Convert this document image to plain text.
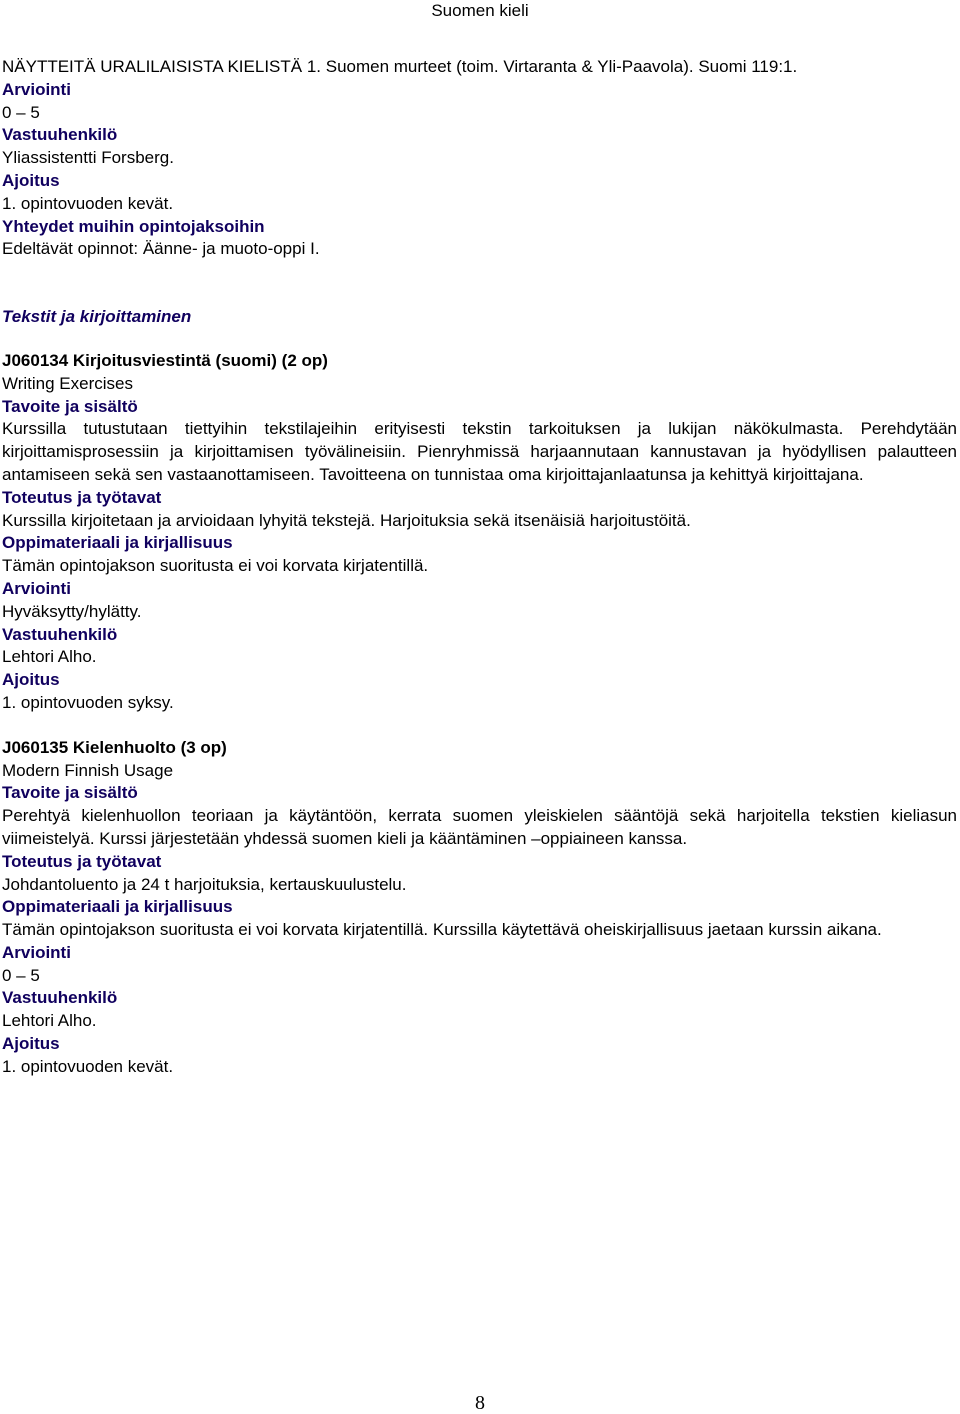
Suomen kieli

NÄYTTEITÄ URALILAISISTA KIELISTÄ 1. Suomen murteet (toim. Virtaranta & Yli-Paavola). Suomi 119:1.

Arviointi

0 – 5

Vastuuhenkilö

Yliassistentti Forsberg.

Ajoitus

1. opintovuoden kevät.

Yhteydet muihin opintojaksoihin

Edeltävät opinnot: Äänne- ja muoto-oppi I.

Tekstit ja kirjoittaminen

J060134 Kirjoitusviestintä (suomi) (2 op)

Writing Exercises

Tavoite ja sisältö

Kurssilla tutustutaan tiettyihin tekstilajeihin erityisesti tekstin tarkoituksen ja lukijan näkökulmasta. Perehdytään kirjoittamisprosessiin ja kirjoittamisen työvälineisiin. Pienryhmissä harjaannutaan kannustavan ja hyödyllisen palautteen antamiseen sekä sen vastaanottamiseen. Tavoitteena on tunnistaa oma kirjoittajanlaatunsa ja kehittyä kirjoittajana.

Toteutus ja työtavat

Kurssilla kirjoitetaan ja arvioidaan lyhyitä tekstejä. Harjoituksia sekä itsenäisiä harjoitustöitä.

Oppimateriaali ja kirjallisuus

Tämän opintojakson suoritusta ei voi korvata kirjatentillä.

Arviointi

Hyväksytty/hylätty.

Vastuuhenkilö

Lehtori Alho.

Ajoitus

1. opintovuoden syksy.

J060135 Kielenhuolto (3 op)

Modern Finnish Usage

Tavoite ja sisältö

Perehtyä kielenhuollon teoriaan ja käytäntöön, kerrata suomen yleiskielen sääntöjä sekä harjoitella tekstien kieliasun viimeistelyä. Kurssi järjestetään yhdessä suomen kieli ja kääntäminen –oppiaineen kanssa.

Toteutus ja työtavat

Johdantoluento ja 24 t harjoituksia, kertauskuulustelu.

Oppimateriaali ja kirjallisuus

Tämän opintojakson suoritusta ei voi korvata kirjatentillä. Kurssilla käytettävä oheiskirjallisuus jaetaan kurssin aikana.

Arviointi

0 – 5

Vastuuhenkilö

Lehtori Alho.

Ajoitus

1. opintovuoden kevät.

8
